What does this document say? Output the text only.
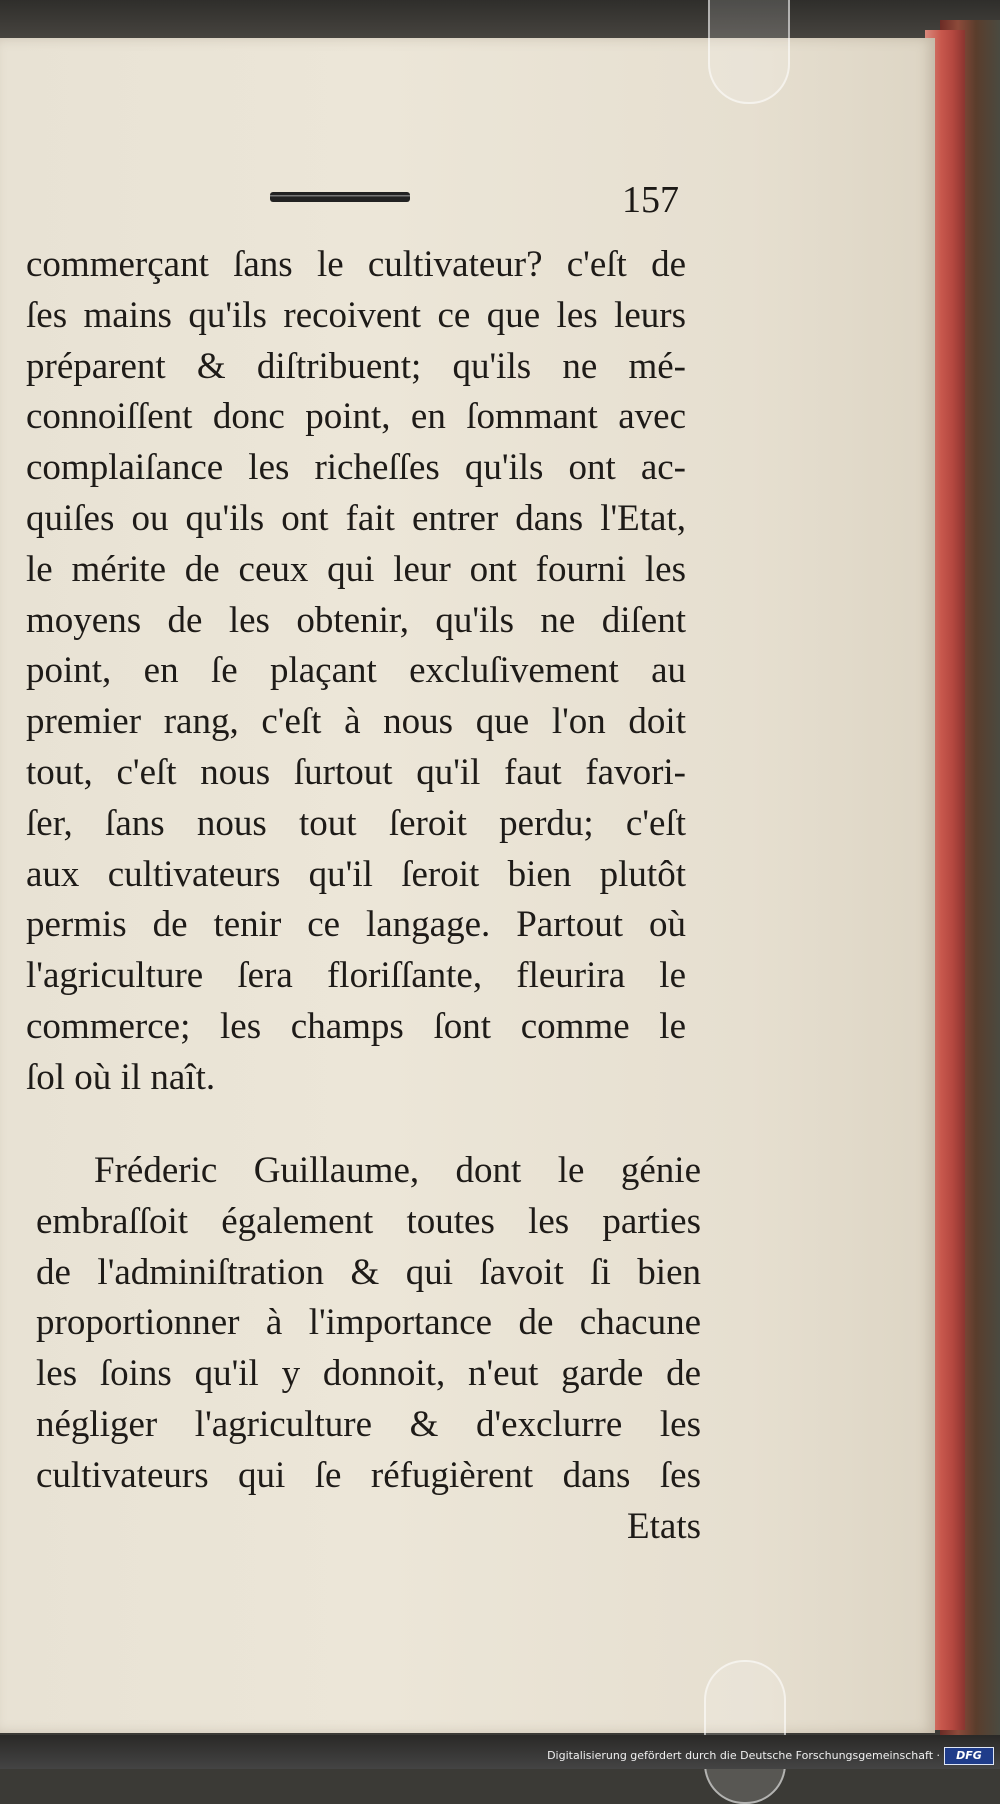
157
commerçant ſans le cultivateur? c'eſt de
ſes mains qu'ils recoivent ce que les leurs
préparent & diſtribuent; qu'ils ne mé-
connoiſſent donc point, en ſommant avec
complaiſance les richeſſes qu'ils ont ac-
quiſes ou qu'ils ont fait entrer dans l'Etat,
le mérite de ceux qui leur ont fourni les
moyens de les obtenir, qu'ils ne diſent
point, en ſe plaçant excluſivement au
premier rang, c'eſt à nous que l'on doit
tout, c'eſt nous ſurtout qu'il faut favori-
ſer, ſans nous tout ſeroit perdu; c'eſt
aux cultivateurs qu'il ſeroit bien plutôt
permis de tenir ce langage. Partout où
l'agriculture ſera floriſſante, fleurira le
commerce; les champs ſont comme le
ſol où il naît.
Fréderic Guillaume, dont le génie
embraſſoit également toutes les parties
de l'adminiſtration & qui ſavoit ſi bien
proportionner à l'importance de chacune
les ſoins qu'il y donnoit, n'eut garde de
négliger l'agriculture & d'exclurre les
cultivateurs qui ſe réfugièrent dans ſes
Etats
Digitalisierung gefördert durch die Deutsche Forschungsgemeinschaft ·	DFG
